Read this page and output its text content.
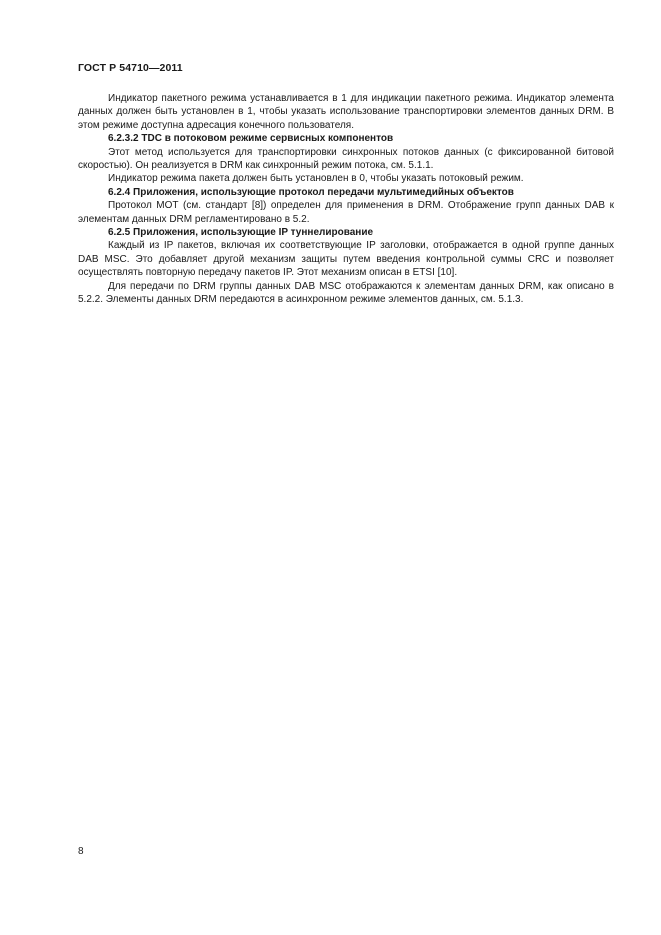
ГОСТ Р 54710—2011

Индикатор пакетного режима устанавливается в 1 для индикации пакетного режима. Индикатор элемента данных должен быть установлен в 1, чтобы указать использование транспортировки элементов данных DRM. В этом режиме доступна адресация конечного пользователя.

6.2.3.2 TDC в потоковом режиме сервисных компонентов

Этот метод используется для транспортировки синхронных потоков данных (с фиксированной битовой скоростью). Он реализуется в DRM как синхронный режим потока, см. 5.1.1.

Индикатор режима пакета должен быть установлен в 0, чтобы указать потоковый режим.

6.2.4 Приложения, использующие протокол передачи мультимедийных объектов

Протокол МОТ (см. стандарт [8]) определен для применения в DRM. Отображение групп данных DAB к элементам данных DRM регламентировано в 5.2.

6.2.5 Приложения, использующие IP туннелирование

Каждый из IP пакетов, включая их соответствующие IP заголовки, отображается в одной группе данных DAB MSC. Это добавляет другой механизм защиты путем введения контрольной суммы CRC и позволяет осуществлять повторную передачу пакетов IP. Этот механизм описан в ETSI [10].

Для передачи по DRM группы данных DAB MSC отображаются к элементам данных DRM, как описано в 5.2.2. Элементы данных DRM передаются в асинхронном режиме элементов данных, см. 5.1.3.

8
